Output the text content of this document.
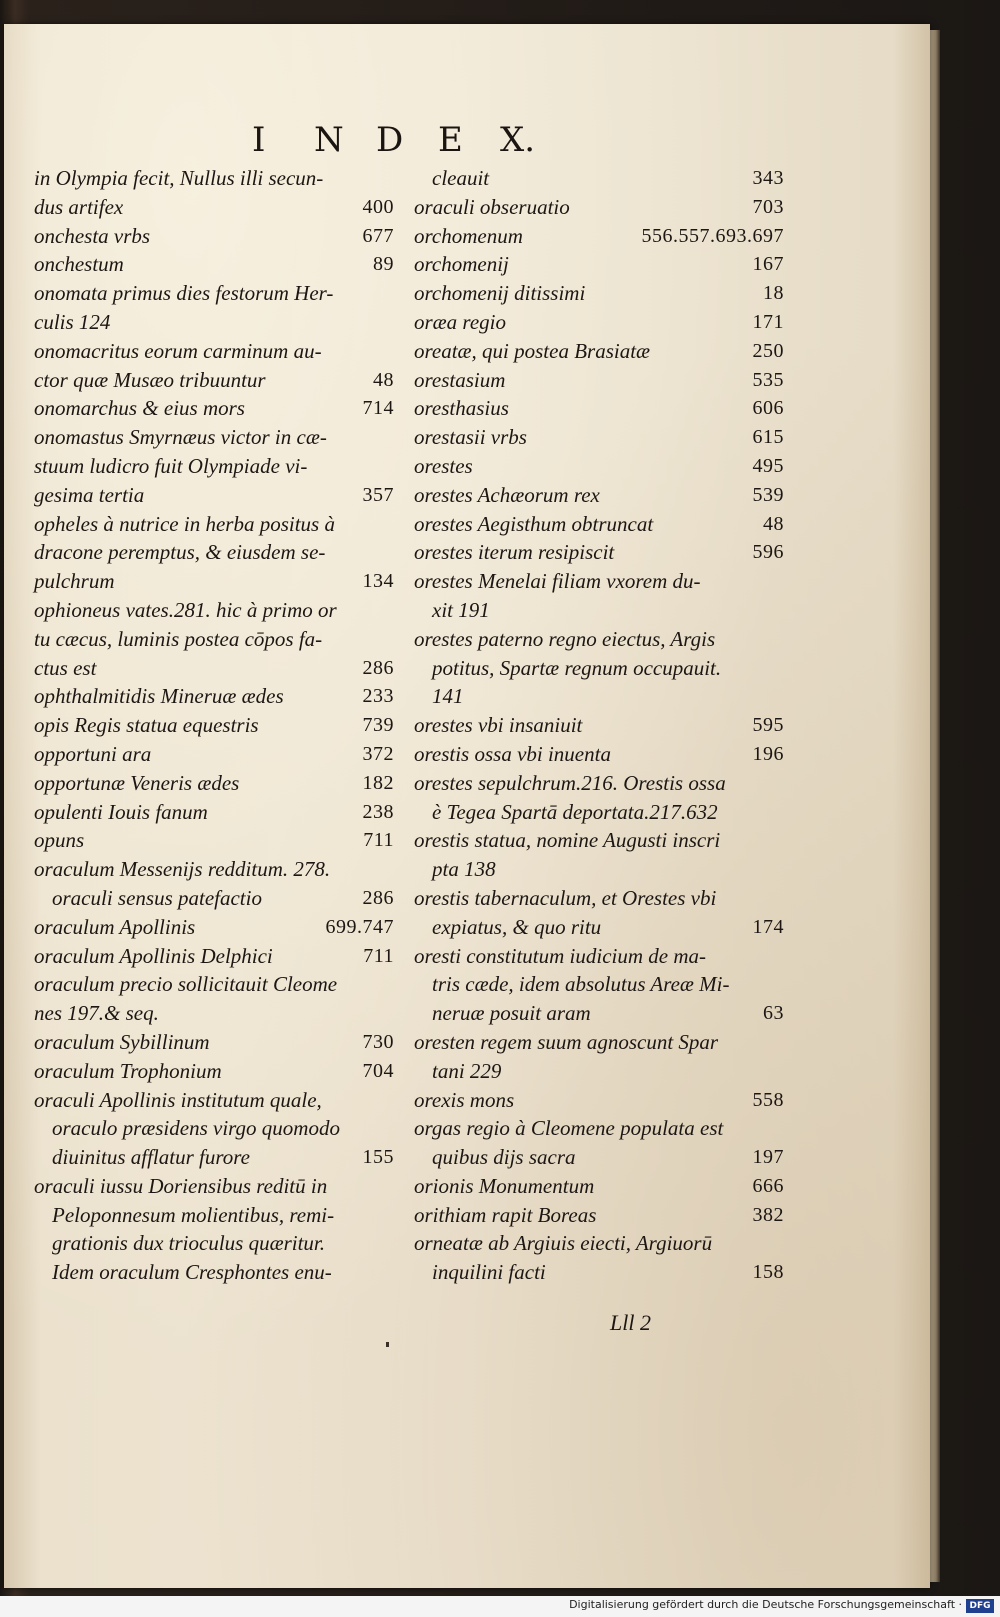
I N D E X.
in Olympia fecit, Nullus illi secun-
dus artifex	400
onchesta vrbs	677
onchestum	89
onomata primus dies festorum Her-
culis 124
onomacritus eorum carminum au-
ctor quæ Musæo tribuuntur	48
onomarchus & eius mors	714
onomastus Smyrnæus victor in cæ-
stuum ludicro fuit Olympiade vi-
gesima tertia	357
opheles à nutrice in herba positus à
dracone peremptus, & eiusdem se-
pulchrum	134
ophioneus vates.281. hic à primo or
tu cæcus, luminis postea cōpos fa-
ctus est	286
ophthalmitidis Mineruæ ædes	233
opis Regis statua equestris	739
opportuni ara	372
opportunæ Veneris ædes	182
opulenti Iouis fanum	238
opuns	711
oraculum Messenijs redditum. 278.
oraculi sensus patefactio	286
oraculum Apollinis	699.747
oraculum Apollinis Delphici	711
oraculum precio sollicitauit Cleome
nes 197.& seq.
oraculum Sybillinum	730
oraculum Trophonium	704
oraculi Apollinis institutum quale,
oraculo præsidens virgo quomodo
diuinitus afflatur furore	155
oraculi iussu Doriensibus reditū in
Peloponnesum molientibus, remi-
grationis dux trioculus quæritur.
Idem oraculum Cresphontes enu-
cleauit	343
oraculi obseruatio	703
orchomenum	556.557.693.697
orchomenij	167
orchomenij ditissimi	18
oræa regio	171
oreatæ, qui postea Brasiatæ	250
orestasium	535
oresthasius	606
orestasii vrbs	615
orestes	495
orestes Achæorum rex	539
orestes Aegisthum obtruncat	48
orestes iterum resipiscit	596
orestes Menelai filiam vxorem du-
xit 191
orestes paterno regno eiectus, Argis
potitus, Spartæ regnum occupauit.
141
orestes vbi insaniuit	595
orestis ossa vbi inuenta	196
orestes sepulchrum.216. Orestis ossa
è Tegea Spartā deportata.217.632
orestis statua, nomine Augusti inscri
pta 138
orestis tabernaculum, et Orestes vbi
expiatus, & quo ritu	174
oresti constitutum iudicium de ma-
tris cæde, idem absolutus Areæ Mi-
neruæ posuit aram	63
oresten regem suum agnoscunt Spar
tani 229
orexis mons	558
orgas regio à Cleomene populata est
quibus dijs sacra	197
orionis Monumentum	666
orithiam rapit Boreas	382
orneatæ ab Argiuis eiecti, Argiuorū
inquilini facti	158
Lll 2
Digitalisierung gefördert durch die Deutsche Forschungsgemeinschaft · DFG
